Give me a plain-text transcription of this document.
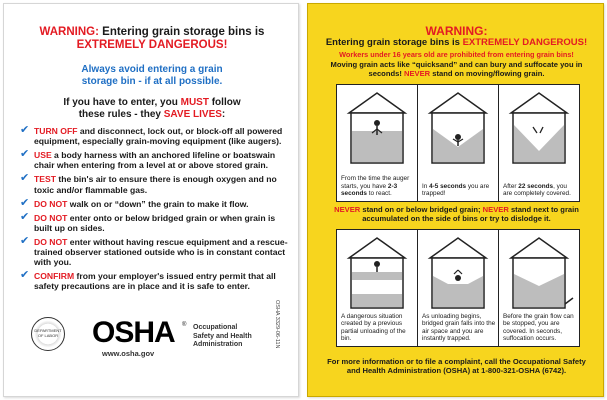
WARNING: Entering grain storage bins is
EXTREMELY DANGEROUS!
Always avoid entering a grain
storage bin - if at all possible.
If you have to enter, you MUST follow
these rules - they SAVE LIVES:
✔ TURN OFF and disconnect, lock out, or block-off all powered equipment, especially grain-moving equipment (like augers).
✔ USE a body harness with an anchored lifeline or boatswain chair when entering from a level at or above stored grain.
✔ TEST the bin's air to ensure there is enough oxygen and no toxic and/or flammable gas.
✔ DO NOT walk on or “down” the grain to make it flow.
✔ DO NOT enter onto or below bridged grain or when grain is built up on sides.
✔ DO NOT enter without having rescue equipment and a rescue-trained observer stationed outside who is in constant contact with you.
✔ CONFIRM from your employer's issued entry permit that all safety precautions are in place and it is safe to enter.
DEPARTMENT OF LABOR OSHA ® Occupational
Safety and Health
Administration
www.osha.gov
OSHA 3329-06-11N
WARNING:
Entering grain storage bins is EXTREMELY DANGEROUS!
Workers under 16 years old are prohibited from entering grain bins!
Moving grain acts like “quicksand” and can bury and suffocate you in seconds! NEVER stand on moving/flowing grain.
From the time the auger starts, you have 2-3 seconds to react.
In 4-5 seconds you are trapped!
After 22 seconds, you are completely covered.
NEVER stand on or below bridged grain; NEVER stand next to grain accumulated on the side of bins or try to dislodge it.
A dangerous situation created by a previous partial unloading of the bin.
As unloading begins, bridged grain falls into the air space and you are instantly trapped.
Before the grain flow can be stopped, you are covered. In seconds, suffocation occurs.
For more information or to file a complaint, call the Occupational Safety and Health Administration (OSHA) at 1-800-321-OSHA (6742).
